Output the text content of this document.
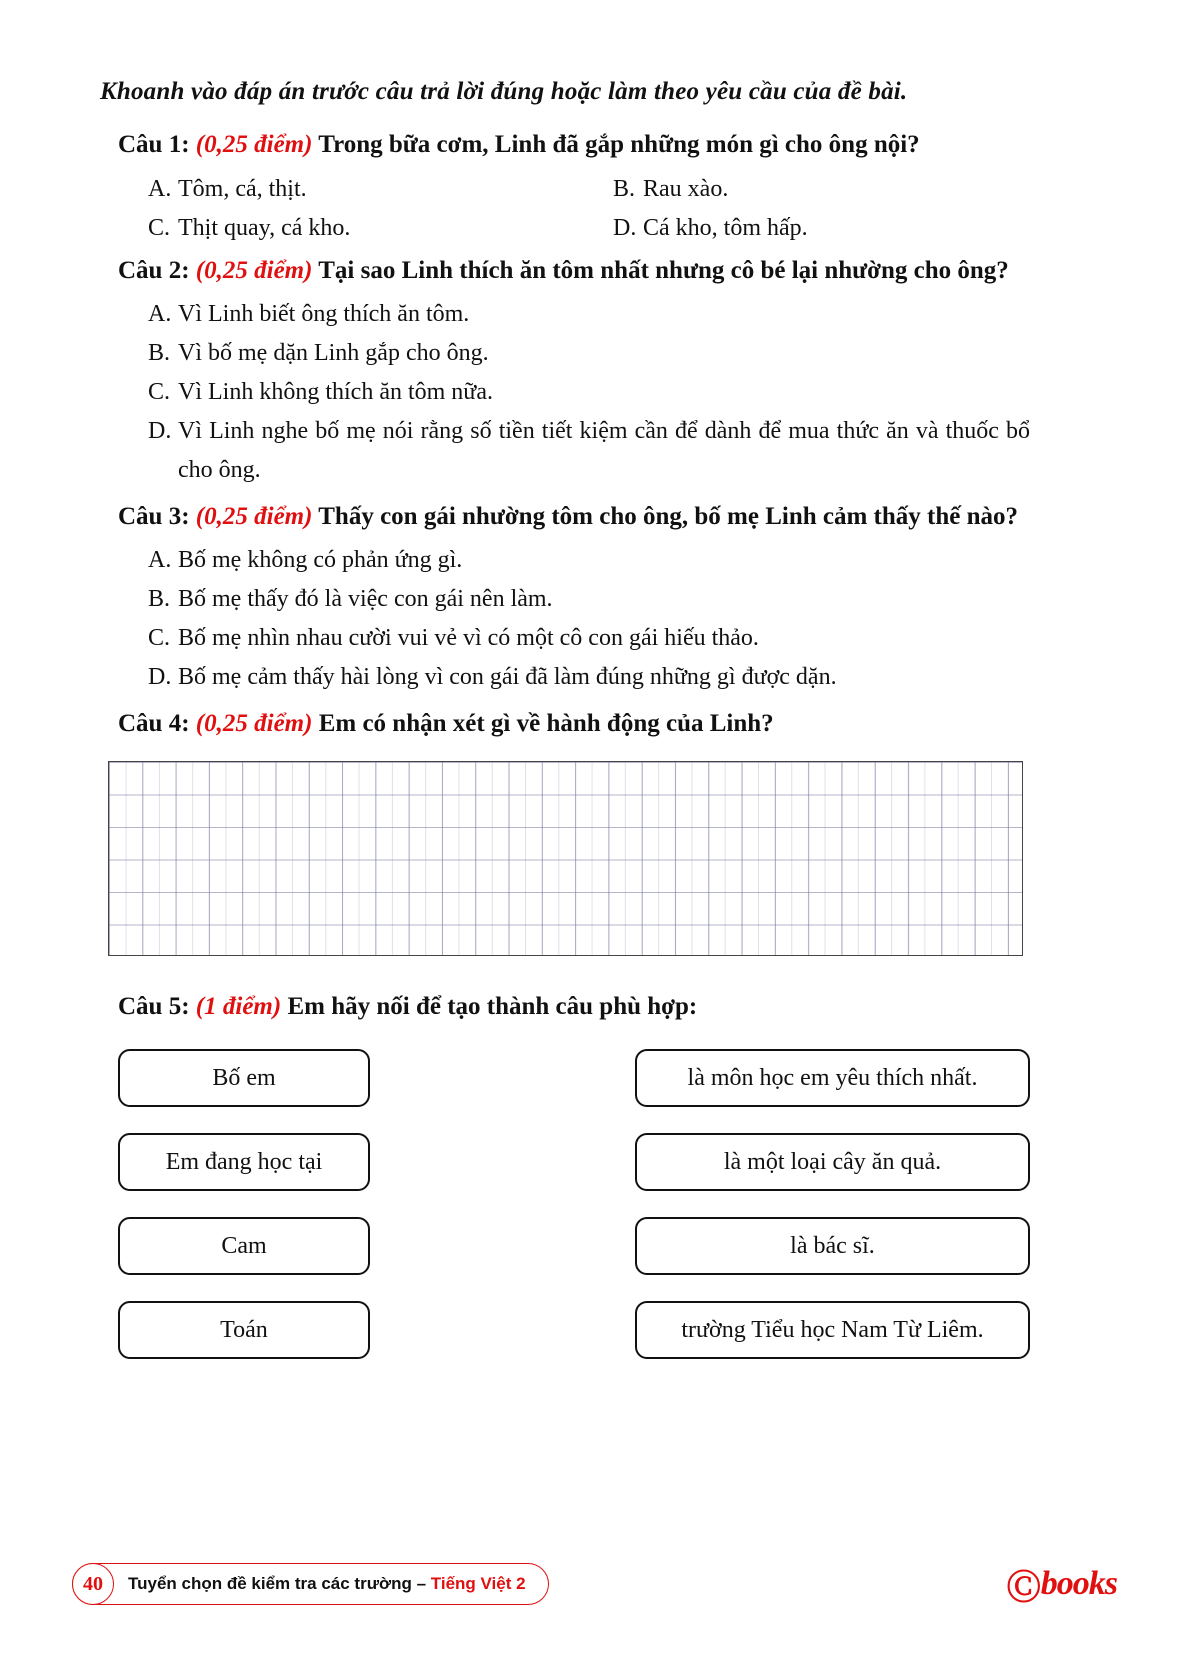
Khoanh vào đáp án trước câu trả lời đúng hoặc làm theo yêu cầu của đề bài.
Câu 1: (0,25 điểm) Trong bữa cơm, Linh đã gắp những món gì cho ông nội?
A. Tôm, cá, thịt.
C. Thịt quay, cá kho.
B. Rau xào.
D. Cá kho, tôm hấp.
Câu 2: (0,25 điểm) Tại sao Linh thích ăn tôm nhất nhưng cô bé lại nhường cho ông?
A. Vì Linh biết ông thích ăn tôm.
B. Vì bố mẹ dặn Linh gắp cho ông.
C. Vì Linh không thích ăn tôm nữa.
D. Vì Linh nghe bố mẹ nói rằng số tiền tiết kiệm cần để dành để mua thức ăn và thuốc bổ cho ông.
Câu 3: (0,25 điểm) Thấy con gái nhường tôm cho ông, bố mẹ Linh cảm thấy thế nào?
A. Bố mẹ không có phản ứng gì.
B. Bố mẹ thấy đó là việc con gái nên làm.
C. Bố mẹ nhìn nhau cười vui vẻ vì có một cô con gái hiếu thảo.
D. Bố mẹ cảm thấy hài lòng vì con gái đã làm đúng những gì được dặn.
Câu 4: (0,25 điểm) Em có nhận xét gì về hành động của Linh?
Câu 5: (1 điểm) Em hãy nối để tạo thành câu phù hợp:
Bố em	là môn học em yêu thích nhất.
Em đang học tại	là một loại cây ăn quả.
Cam	là bác sĩ.
Toán	trường Tiểu học Nam Từ Liêm.
40	Tuyển chọn đề kiểm tra các trường – Tiếng Việt 2	Ⓒ books
